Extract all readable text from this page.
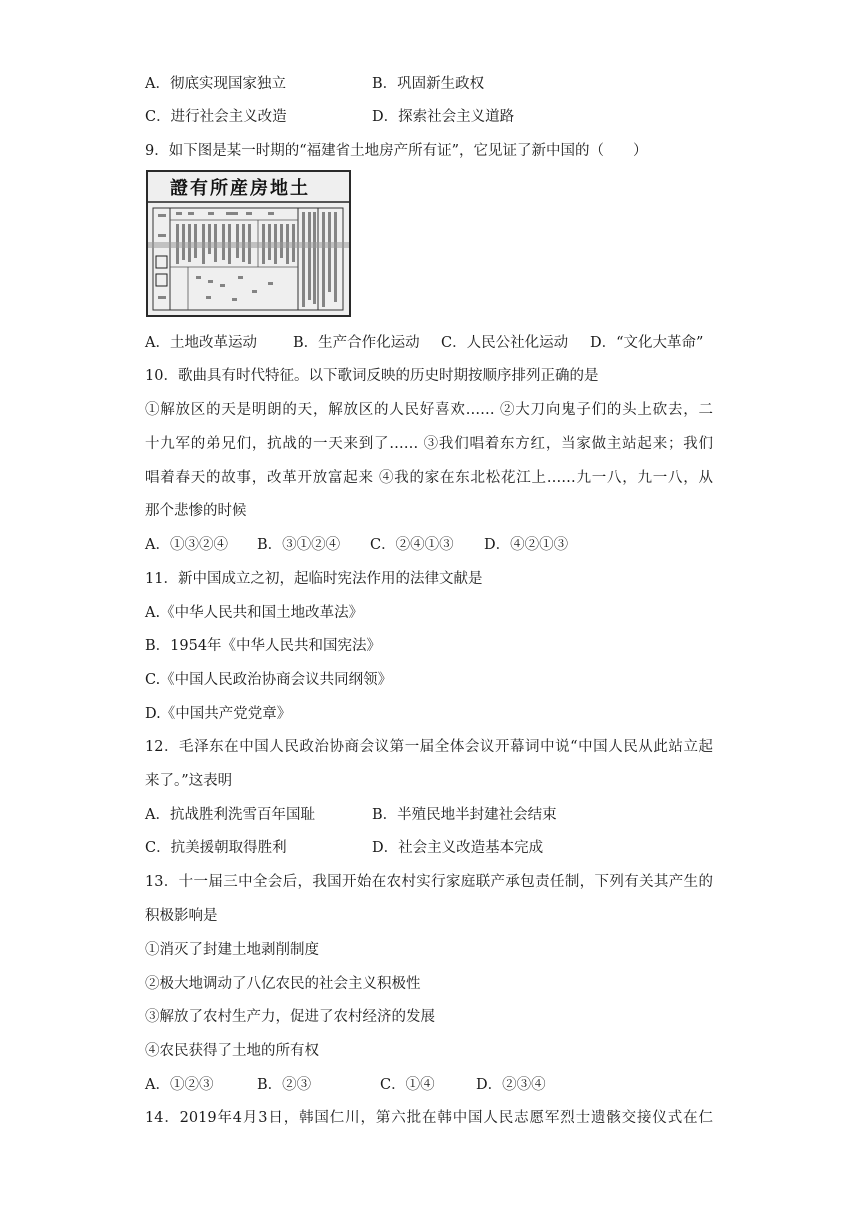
A．彻底实现国家独立	B．巩固新生政权
C．进行社会主义改造	D．探索社会主义道路
9．如下图是某一时期的“福建省土地房产所有证”，它见证了新中国的（　　）
證有所産房地土
A．土地改革运动 B．生产合作化运动 C．人民公社化运动 D．“文化大革命”
10．歌曲具有时代特征。以下歌词反映的历史时期按顺序排列正确的是
①解放区的天是明朗的天，解放区的人民好喜欢…… ②大刀向鬼子们的头上砍去，二
十九军的弟兄们，抗战的一天来到了…… ③我们唱着东方红，当家做主站起来；我们
唱着春天的故事，改革开放富起来 ④我的家在东北松花江上……九一八，九一八，从
那个悲惨的时候
A．①③②④ B．③①②④ C．②④①③ D．④②①③
11．新中国成立之初，起临时宪法作用的法律文献是
A.《中华人民共和国土地改革法》
B．1954年《中华人民共和国宪法》
C.《中国人民政治协商会议共同纲领》
D.《中国共产党党章》
12．毛泽东在中国人民政治协商会议第一届全体会议开幕词中说“中国人民从此站立起
来了。”这表明
A．抗战胜利洗雪百年国耻	B．半殖民地半封建社会结束
C．抗美援朝取得胜利	D．社会主义改造基本完成
13．十一届三中全会后，我国开始在农村实行家庭联产承包责任制，下列有关其产生的
积极影响是
①消灭了封建土地剥削制度
②极大地调动了八亿农民的社会主义积极性
③解放了农村生产力，促进了农村经济的发展
④农民获得了土地的所有权
A．①②③	B．②③	C．①④	D．②③④
14．2019年4月3日，韩国仁川，第六批在韩中国人民志愿军烈士遗骸交接仪式在仁
